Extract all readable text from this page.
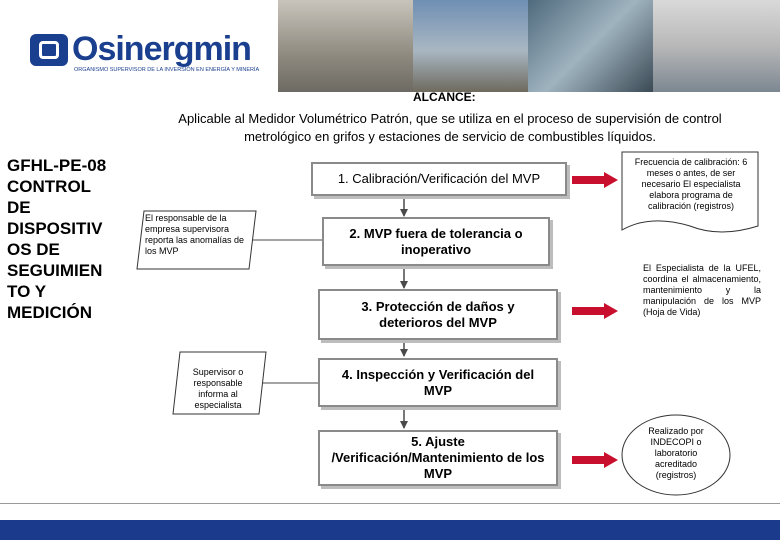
Osinergmin
ORGANISMO SUPERVISOR DE LA INVERSIÓN EN ENERGÍA Y MINERÍA
ALCANCE:
Aplicable al Medidor Volumétrico Patrón, que se utiliza en el proceso de supervisión de control metrológico en grifos y estaciones de servicio de combustibles líquidos.
GFHL-PE-08 CONTROL DE DISPOSITIV OS DE SEGUIMIEN TO Y MEDICIÓN
1. Calibración/Verificación del MVP
2. MVP fuera de tolerancia o inoperativo
3. Protección de daños y deterioros del MVP
4. Inspección y Verificación del MVP
5. Ajuste /Verificación/Mantenimiento de los MVP
Frecuencia de calibración: 6 meses o antes, de ser necesario El especialista elabora programa de calibración (registros)
El responsable de la empresa supervisora reporta las anomalías de los MVP
El Especialista de la UFEL, coordina el almacenamiento, mantenimiento y la manipulación de los MVP (Hoja de Vida)
Supervisor o responsable informa al especialista
Realizado por INDECOPI o laboratorio acreditado (registros)
